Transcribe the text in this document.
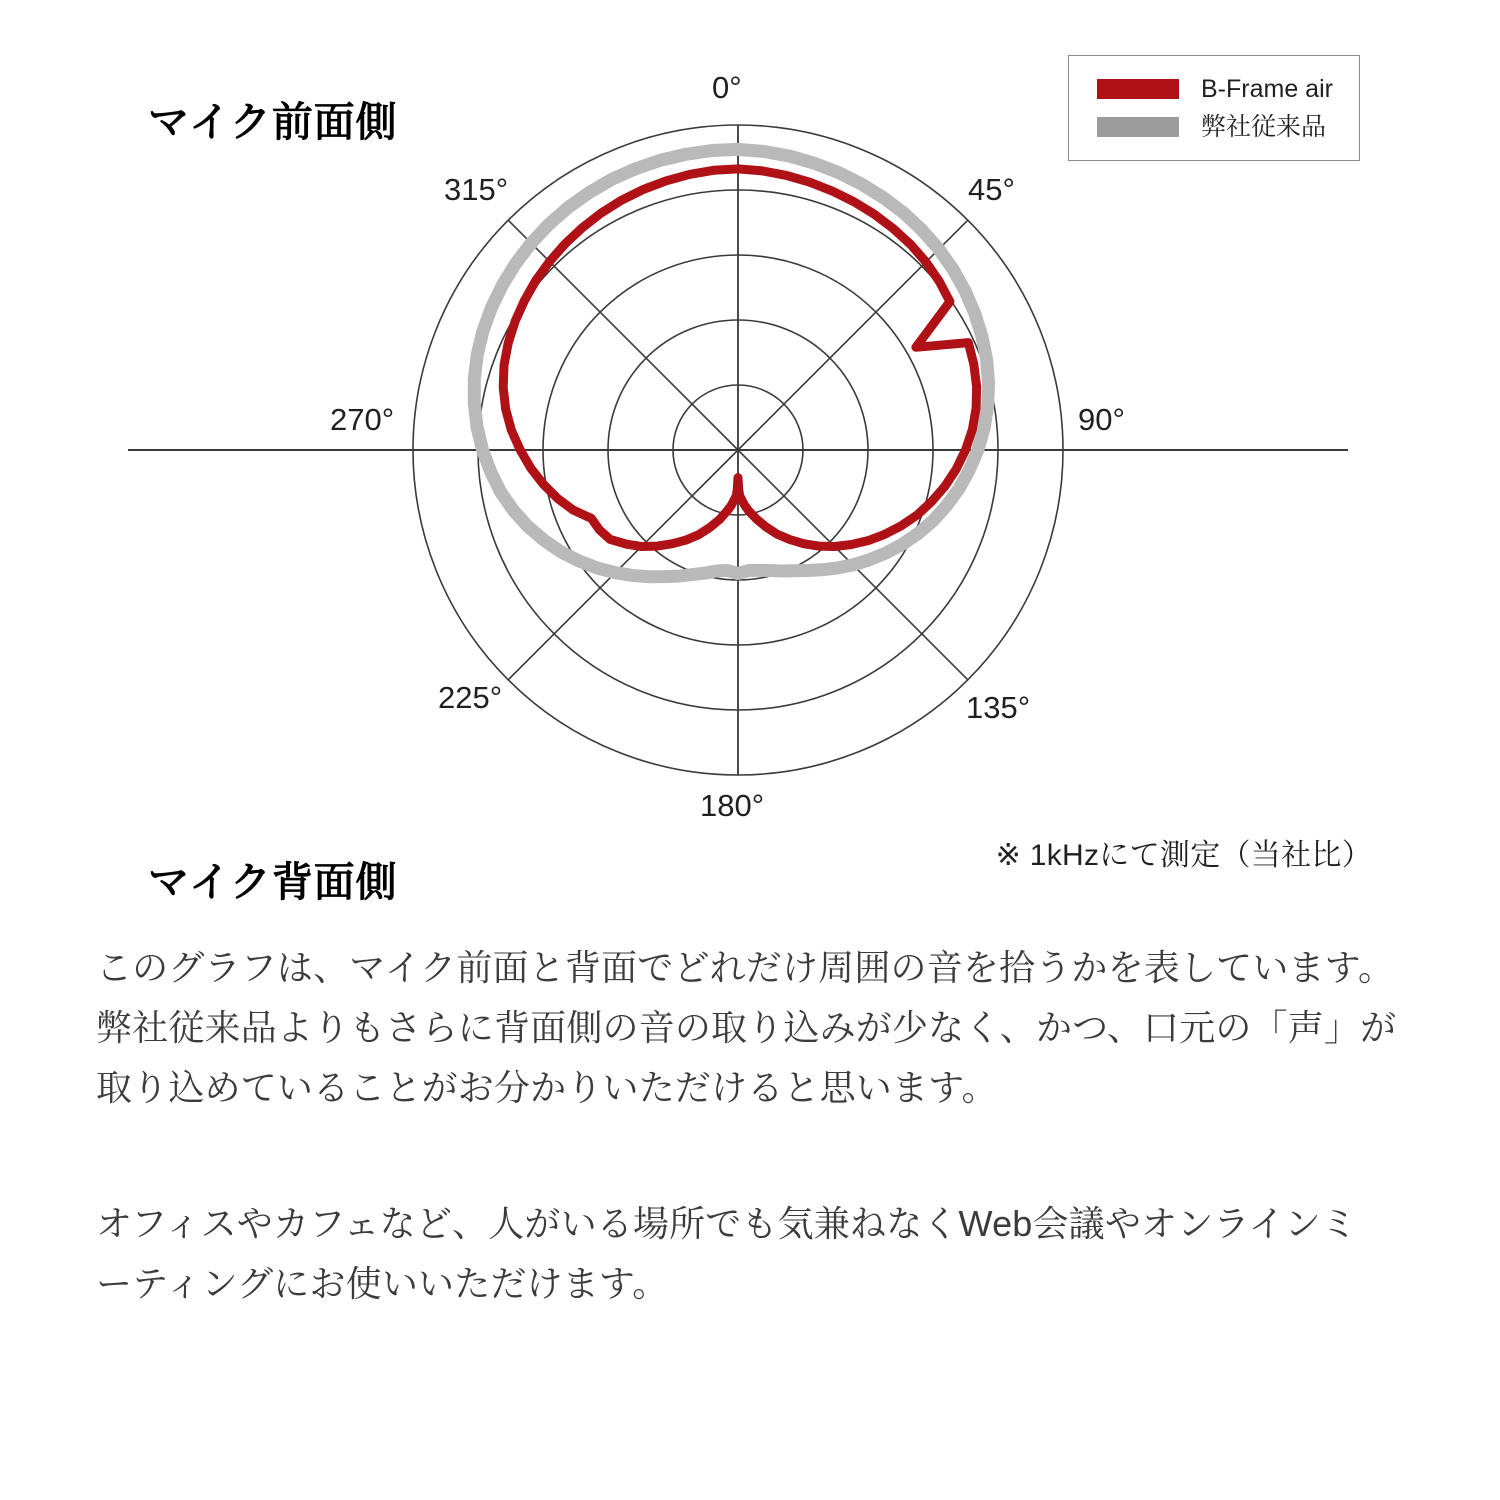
マイク前面側
マイク背面側
※ 1kHzにて測定（当社比）
B-Frame air
弊社従来品
0°
45°
90°
135°
180°
225°
270°
315°
このグラフは、マイク前面と背面でどれだけ周囲の音を拾うかを表しています。
弊社従来品よりもさらに背面側の音の取り込みが少なく、かつ、口元の「声」が
取り込めていることがお分かりいただけると思います。
オフィスやカフェなど、人がいる場所でも気兼ねなくWeb会議やオンラインミ
ーティングにお使いいただけます。
